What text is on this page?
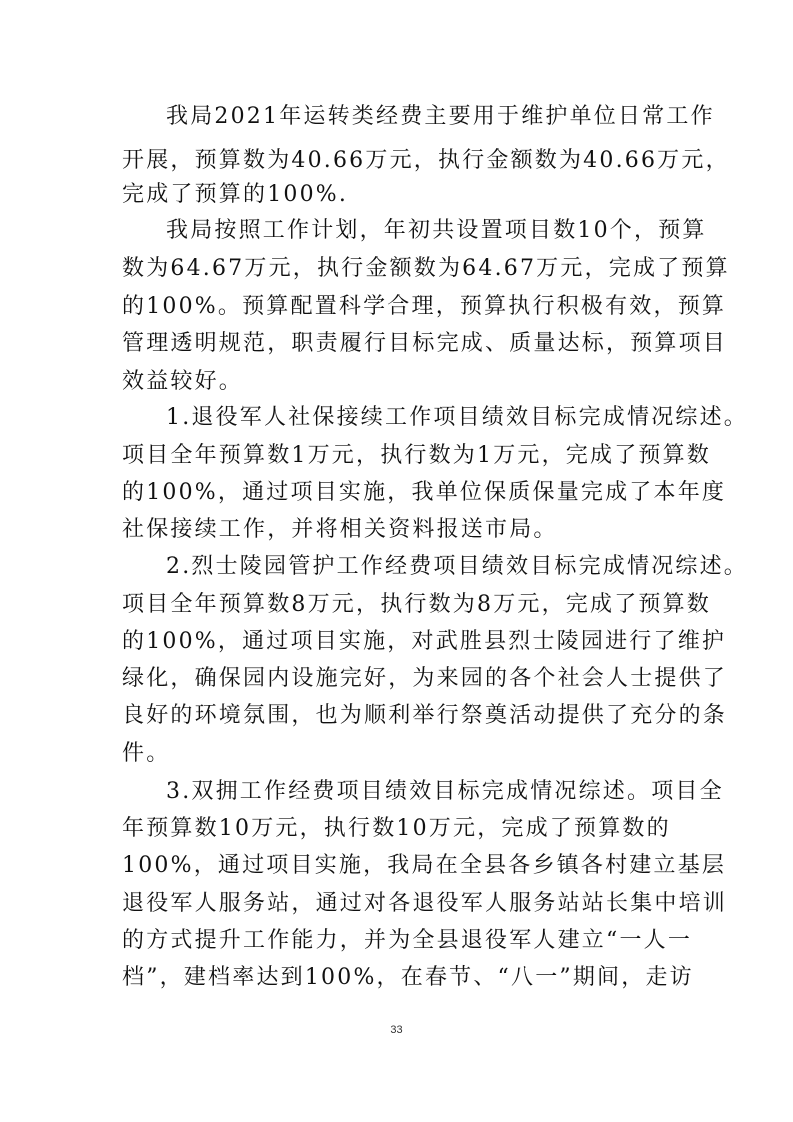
我局2021年运转类经费主要用于维护单位日常工作
开展，预算数为40.66万元，执行金额数为40.66万元，
完成了预算的100%.
我局按照工作计划，年初共设置项目数10个，预算
数为64.67万元，执行金额数为64.67万元，完成了预算
的100%。预算配置科学合理，预算执行积极有效，预算
管理透明规范，职责履行目标完成、质量达标，预算项目
效益较好。
1.退役军人社保接续工作项目绩效目标完成情况综述。
项目全年预算数1万元，执行数为1万元，完成了预算数
的100%，通过项目实施，我单位保质保量完成了本年度
社保接续工作，并将相关资料报送市局。
2.烈士陵园管护工作经费项目绩效目标完成情况综述。
项目全年预算数8万元，执行数为8万元，完成了预算数
的100%，通过项目实施，对武胜县烈士陵园进行了维护
绿化，确保园内设施完好，为来园的各个社会人士提供了
良好的环境氛围，也为顺利举行祭奠活动提供了充分的条
件。
3.双拥工作经费项目绩效目标完成情况综述。项目全
年预算数10万元，执行数10万元，完成了预算数的
100%，通过项目实施，我局在全县各乡镇各村建立基层
退役军人服务站，通过对各退役军人服务站站长集中培训
的方式提升工作能力，并为全县退役军人建立“一人一
档”，建档率达到100%，在春节、“八一”期间，走访
33
